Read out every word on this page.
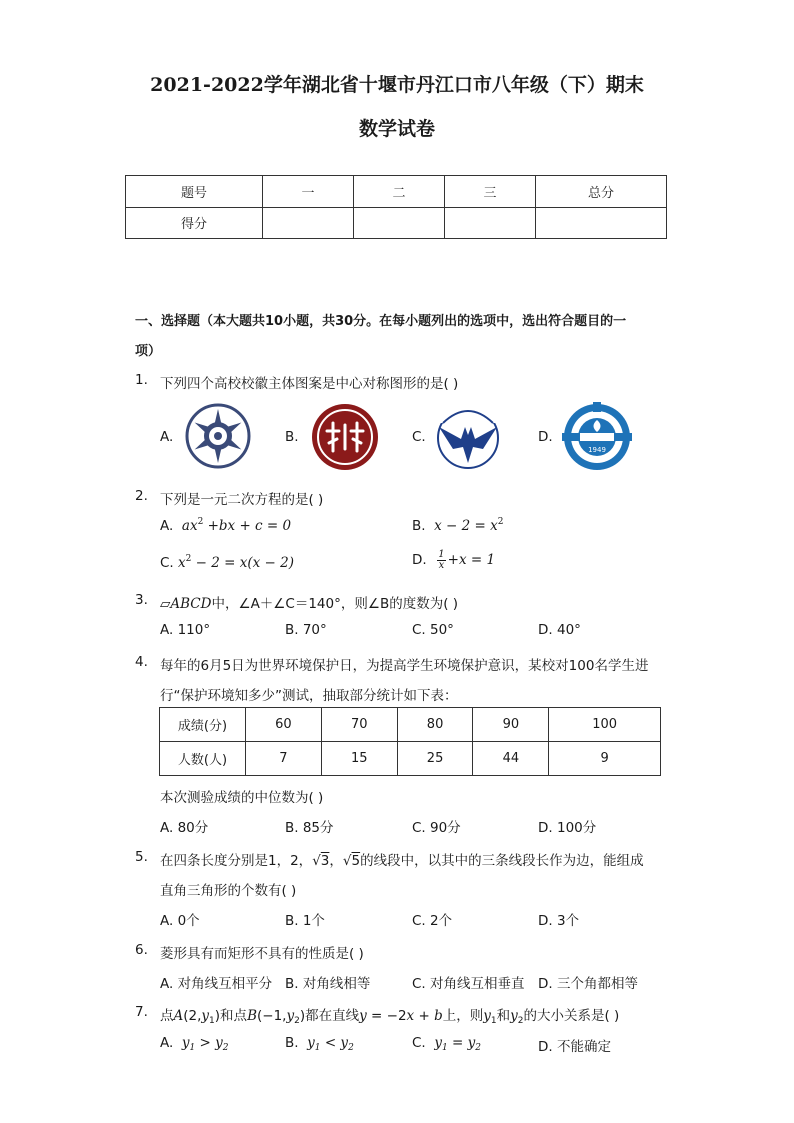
2021-2022学年湖北省十堰市丹江口市八年级（下）期末
数学试卷
题号	一	二	三	总分
得分				
一、选择题（本大题共10小题，共30分。在每小题列出的选项中，选出符合题目的一
项）
1. 下列四个高校校徽主体图案是中心对称图形的是( )
A.	B.	C.	D.
1949
2. 下列是一元二次方程的是( )
A. $ax^2 +bx + c = 0$	B. $x - 2 = x^2$
C. $x^2 - 2 = x(x - 2)$	D. $\frac{1}{x} +x = 1$
3. ▱ABCD中，∠A＋∠C＝140°，则∠B的度数为( )
A. 110°	B. 70°	C. 50°	D. 40°
4. 每年的6月5日为世界环境保护日，为提高学生环境保护意识，某校对100名学生进
行“保护环境知多少”测试，抽取部分统计如下表：
成绩(分)	60	70	80	90	100
人数(人)	7	15	25	44	9
本次测验成绩的中位数为( )
A. 80分	B. 85分	C. 90分	D. 100分
5. 在四条长度分别是1，2，√3，√5的线段中，以其中的三条线段长作为边，能组成
直角三角形的个数有( )
A. 0个	B. 1个	C. 2个	D. 3个
6. 菱形具有而矩形不具有的性质是( )
A. 对角线互相平分 B. 对角线相等	C. 对角线互相垂直 D. 三个角都相等
7. 点$A(2,y_1)$和点$B(-1,y_2)$都在直线y = −2x + b上，则$y_1$和$y_2$的大小关系是( )
A. $y_1 > y_2$	B. $y_1 < y_2$	C. $y_1 = y_2$	D. 不能确定
